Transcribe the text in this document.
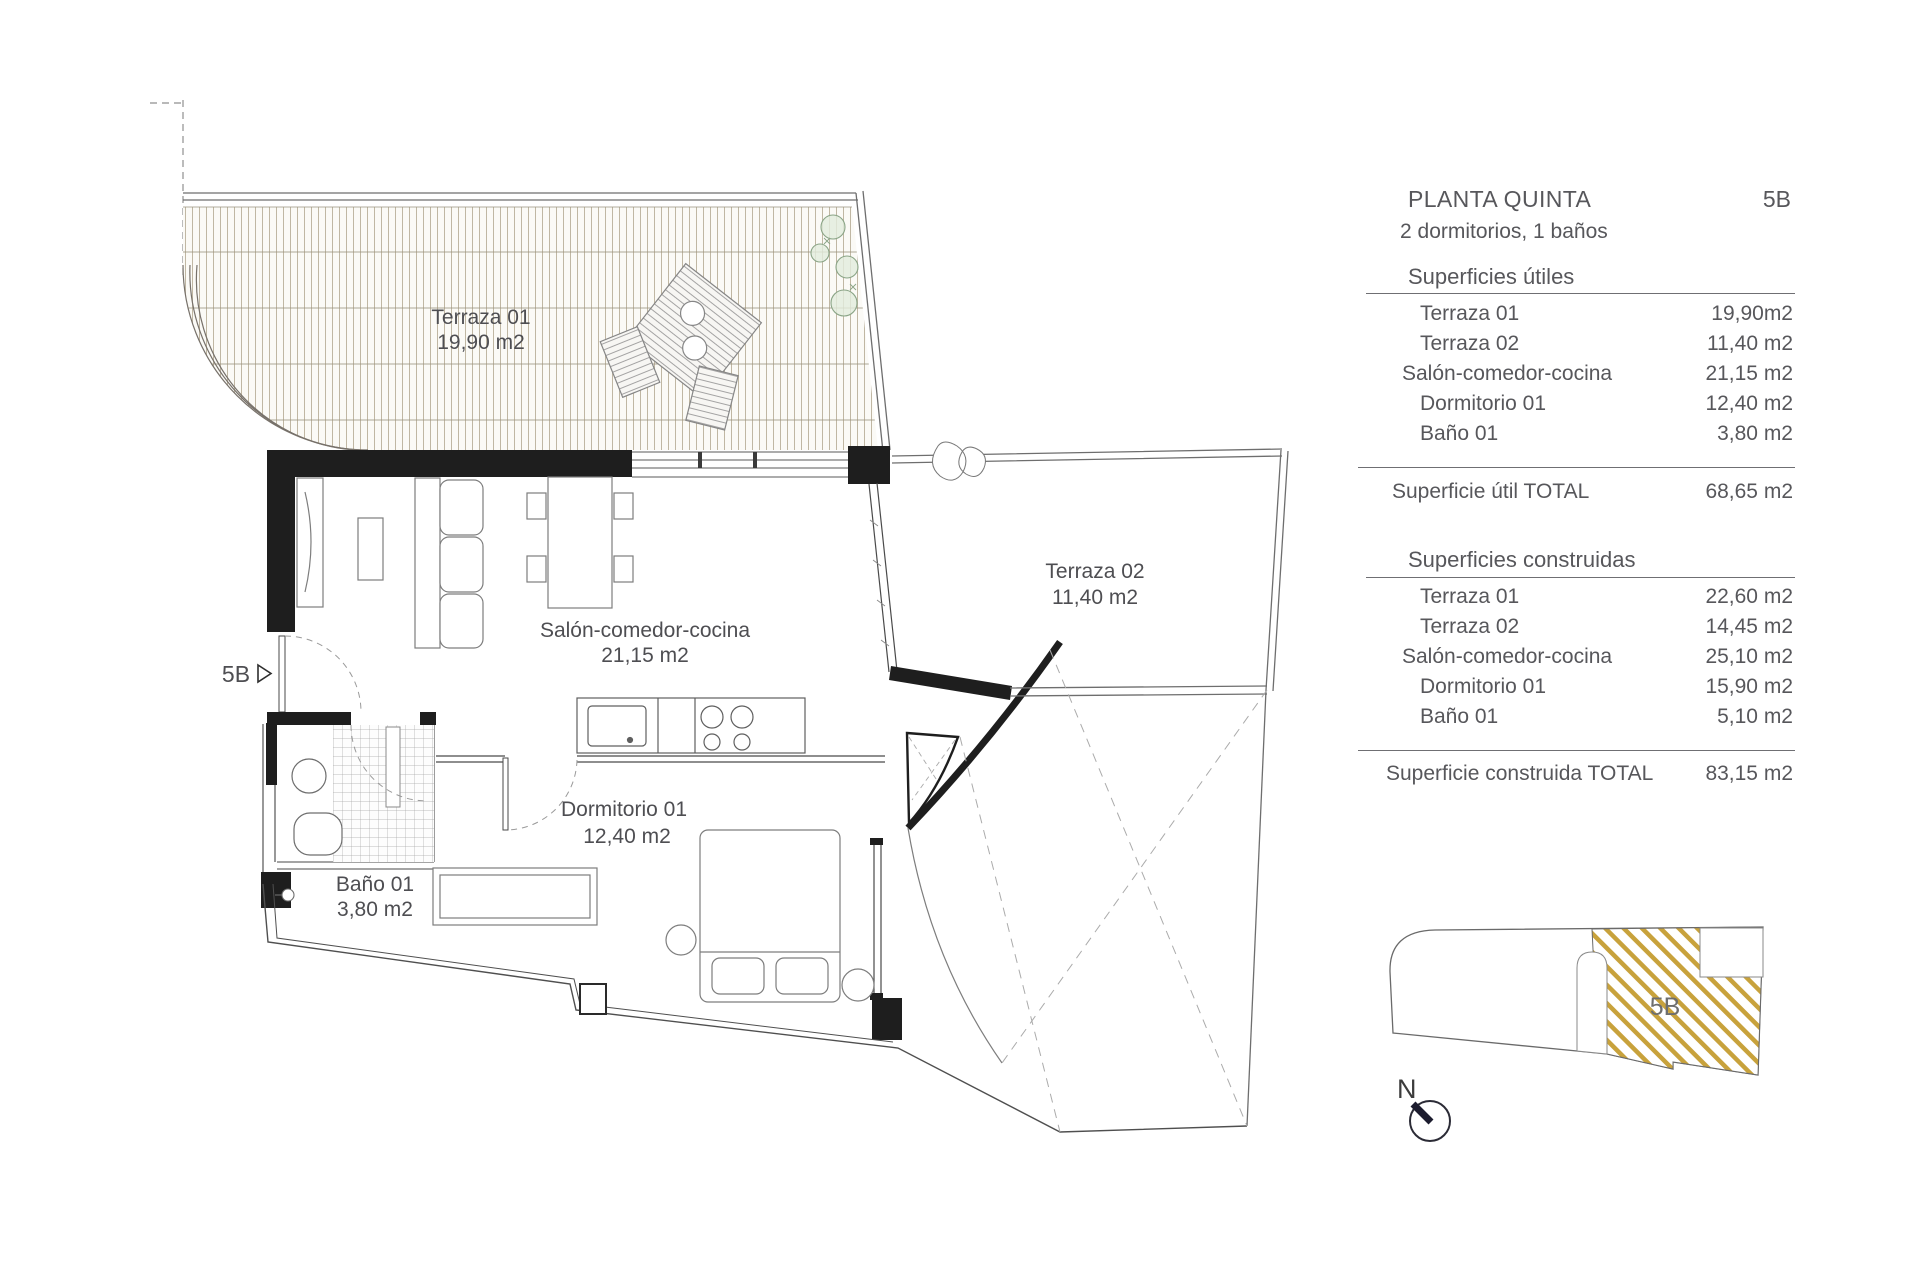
Terraza 01
19,90 m2
Terraza 02
11,40 m2
Salón-comedor-cocina
21,15 m2
Dormitorio 01
12,40 m2
Baño 01
3,80 m2
5B
PLANTA QUINTA	5B
2 dormitorios, 1 baños
Superficies útiles
Terraza 01	19,90m2
Terraza 02	11,40 m2
Salón-comedor-cocina	21,15 m2
Dormitorio 01	12,40 m2
Baño 01	3,80 m2
Superficie útil TOTAL	68,65 m2
Superficies construidas
Terraza 01	22,60 m2
Terraza 02	14,45 m2
Salón-comedor-cocina	25,10 m2
Dormitorio 01	15,90 m2
Baño 01	5,10 m2
Superficie construida TOTAL 83,15 m2
5B
N
